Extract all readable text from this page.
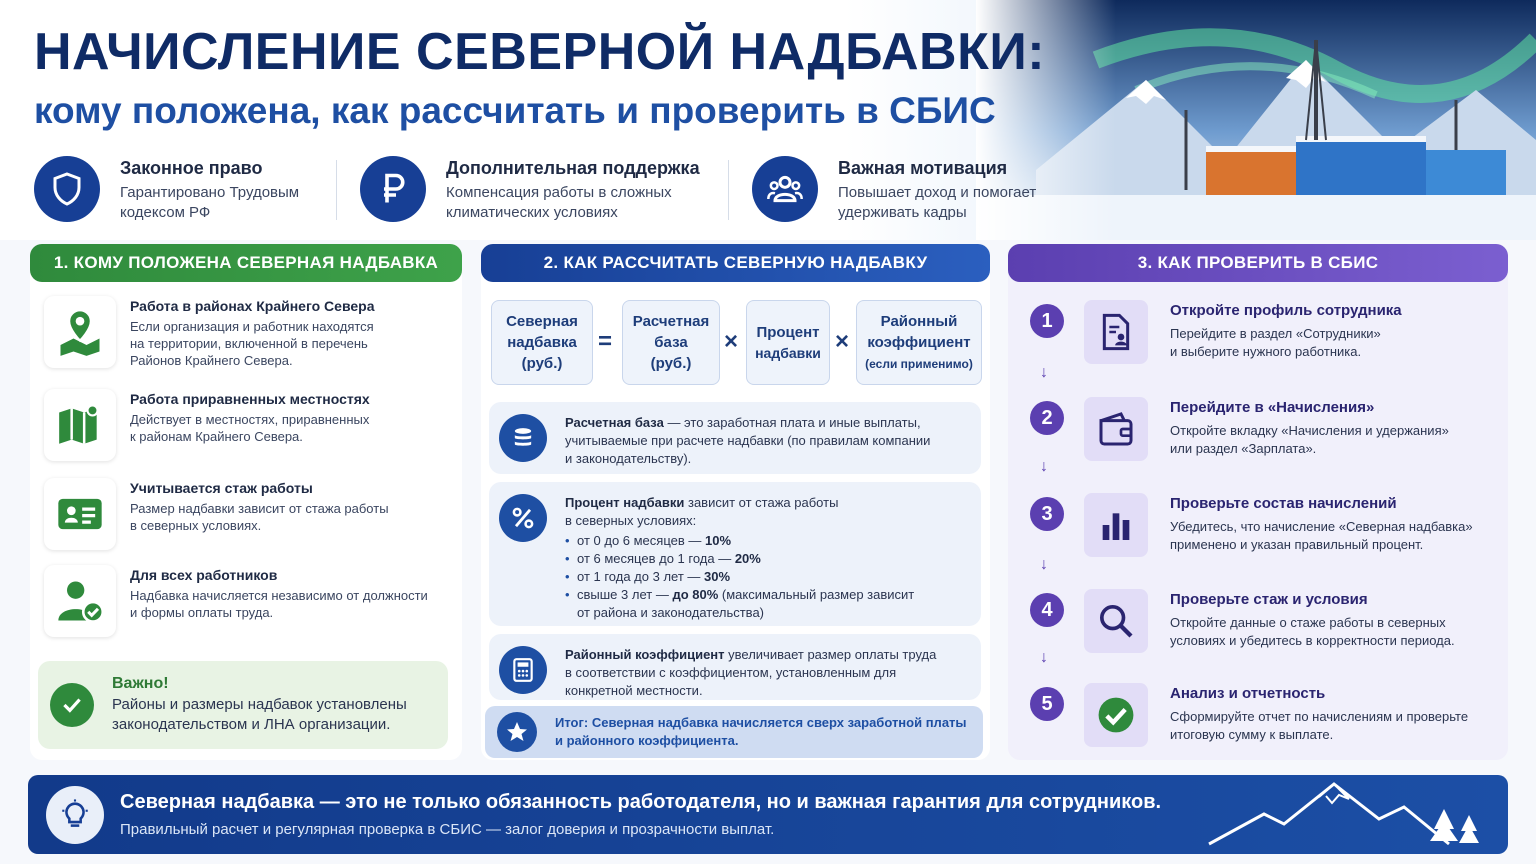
НАЧИСЛЕНИЕ СЕВЕРНОЙ НАДБАВКИ:
кому положена, как рассчитать и проверить в СБИС
Законное право
Гарантировано Трудовым
кодексом РФ
Дополнительная поддержка
Компенсация работы в сложных
климатических условиях
Важная мотивация
Повышает доход и помогает
удерживать кадры
1. КОМУ ПОЛОЖЕНА СЕВЕРНАЯ НАДБАВКА
Работа в районах Крайнего Севера
Если организация и работник находятся
на территории, включенной в перечень
Районов Крайнего Севера.
Работа приравненных местностях
Действует в местностях, приравненных
к районам Крайнего Севера.
Учитывается стаж работы
Размер надбавки зависит от стажа работы
в северных условиях.
Для всех работников
Надбавка начисляется независимо от должности
и формы оплаты труда.
Важно!
Районы и размеры надбавок установлены
законодательством и ЛНА организации.
2. КАК РАССЧИТАТЬ СЕВЕРНУЮ НАДБАВКУ
Северная
надбавка
(руб.)
=
Расчетная
база
(руб.)
× Процент
надбавки ×
Районный
коэффициент
(если применимо)
Расчетная база — это заработная плата и иные выплаты,
учитываемые при расчете надбавки (по правилам компании
и законодательству).
Процент надбавки зависит от стажа работы
в северных условиях:
• от 0 до 6 месяцев — 10%
• от 6 месяцев до 1 года — 20%
• от 1 года до 3 лет — 30%
• свыше 3 лет — до 80% (максимальный размер зависит
от района и законодательства)
Районный коэффициент увеличивает размер оплаты труда
в соответствии с коэффициентом, установленным для
конкретной местности.
Итог: Северная надбавка начисляется сверх заработной платы
и районного коэффициента.
3. КАК ПРОВЕРИТЬ В СБИС
1	Откройте профиль сотрудника
Перейдите в раздел «Сотрудники»
и выберите нужного работника.
↓
2	Перейдите в «Начисления»
Откройте вкладку «Начисления и удержания»
или раздел «Зарплата».
↓
3	Проверьте состав начислений
Убедитесь, что начисление «Северная надбавка»
применено и указан правильный процент.
↓
4	Проверьте стаж и условия
Откройте данные о стаже работы в северных
условиях и убедитесь в корректности периода.
↓
5	Анализ и отчетность
Сформируйте отчет по начислениям и проверьте
итоговую сумму к выплате.
Северная надбавка — это не только обязанность работодателя, но и важная гарантия для сотрудников.
Правильный расчет и регулярная проверка в СБИС — залог доверия и прозрачности выплат.
